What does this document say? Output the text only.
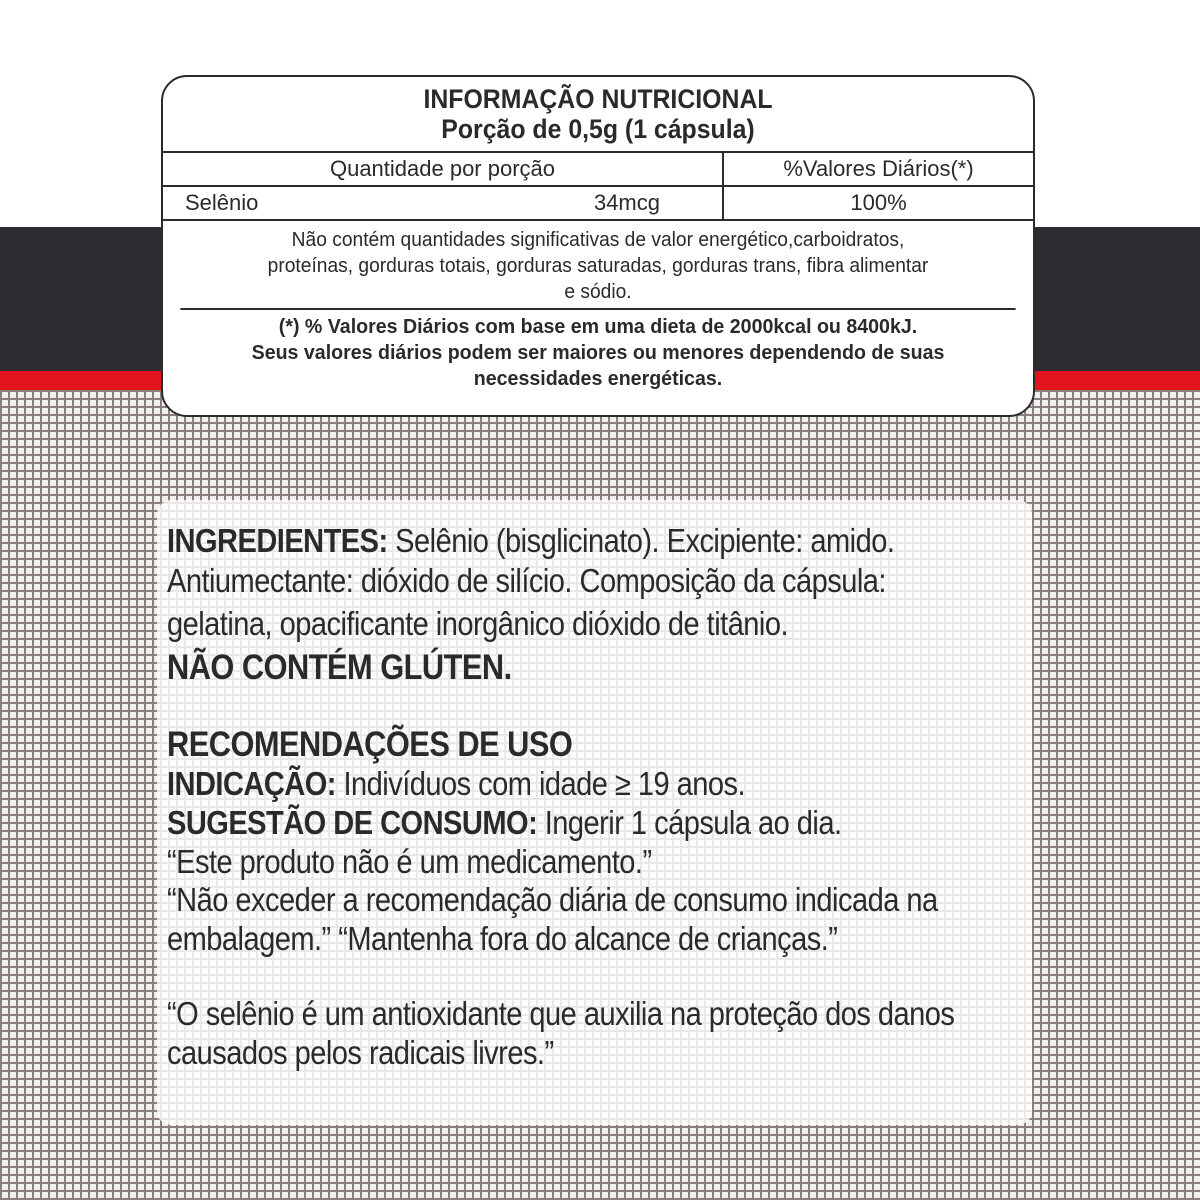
INFORMAÇÃO NUTRICIONAL
Porção de 0,5g (1 cápsula)
Quantidade por porção	%Valores Diários(*)
Selênio	34mcg	100%
Não contém quantidades significativas de valor energético,carboidratos,
proteínas, gorduras totais, gorduras saturadas, gorduras trans, fibra alimentar
e sódio.
(*) % Valores Diários com base em uma dieta de 2000kcal ou 8400kJ.
Seus valores diários podem ser maiores ou menores dependendo de suas
necessidades energéticas.
INGREDIENTES: Selênio (bisglicinato). Excipiente: amido.
Antiumectante: dióxido de silício. Composição da cápsula:
gelatina, opacificante inorgânico dióxido de titânio.
NÃO CONTÉM GLÚTEN.
RECOMENDAÇÕES DE USO
INDICAÇÃO: Indivíduos com idade ≥ 19 anos.
SUGESTÃO DE CONSUMO: Ingerir 1 cápsula ao dia.
“Este produto não é um medicamento.”
“Não exceder a recomendação diária de consumo indicada na
embalagem.” “Mantenha fora do alcance de crianças.”
“O selênio é um antioxidante que auxilia na proteção dos danos
causados pelos radicais livres.”
